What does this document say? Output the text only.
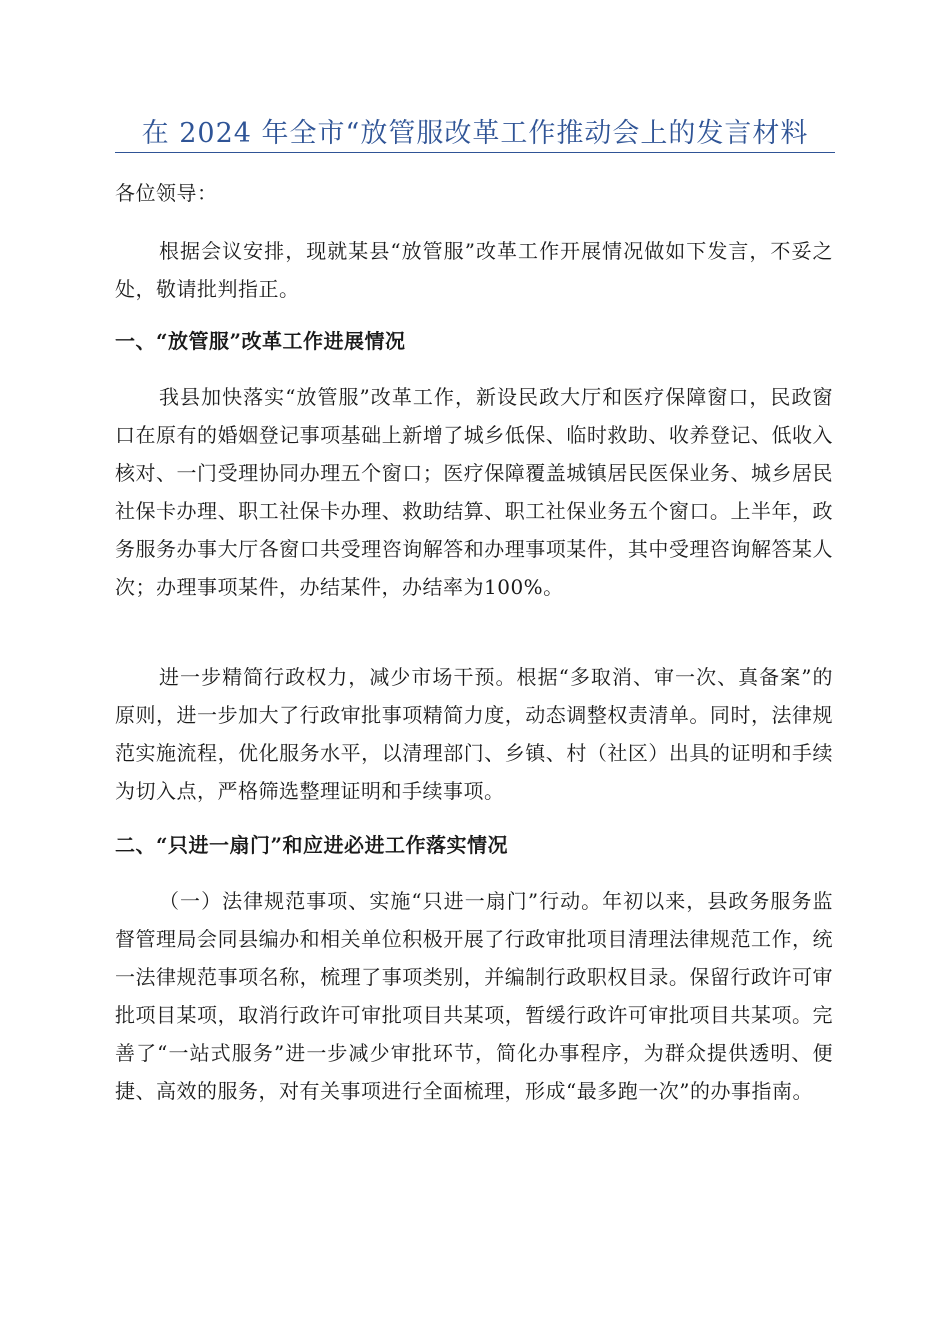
在 2024 年全市“放管服改革工作推动会上的发言材料

各位领导：

根据会议安排，现就某县“放管服”改革工作开展情况做如下发言，不妥之处，敬请批判指正。

一、“放管服”改革工作进展情况

我县加快落实“放管服”改革工作，新设民政大厅和医疗保障窗口，民政窗口在原有的婚姻登记事项基础上新增了城乡低保、临时救助、收养登记、低收入核对、一门受理协同办理五个窗口；医疗保障覆盖城镇居民医保业务、城乡居民社保卡办理、职工社保卡办理、救助结算、职工社保业务五个窗口。上半年，政务服务办事大厅各窗口共受理咨询解答和办理事项某件，其中受理咨询解答某人次；办理事项某件，办结某件，办结率为100%。

进一步精简行政权力，减少市场干预。根据“多取消、审一次、真备案”的原则，进一步加大了行政审批事项精简力度，动态调整权责清单。同时，法律规范实施流程，优化服务水平，以清理部门、乡镇、村（社区）出具的证明和手续为切入点，严格筛选整理证明和手续事项。

二、“只进一扇门”和应进必进工作落实情况

（一）法律规范事项、实施“只进一扇门”行动。年初以来，县政务服务监督管理局会同县编办和相关单位积极开展了行政审批项目清理法律规范工作，统一法律规范事项名称，梳理了事项类别，并编制行政职权目录。保留行政许可审批项目某项，取消行政许可审批项目共某项，暂缓行政许可审批项目共某项。完善了“一站式服务”进一步减少审批环节，简化办事程序，为群众提供透明、便捷、高效的服务，对有关事项进行全面梳理，形成“最多跑一次”的办事指南。
